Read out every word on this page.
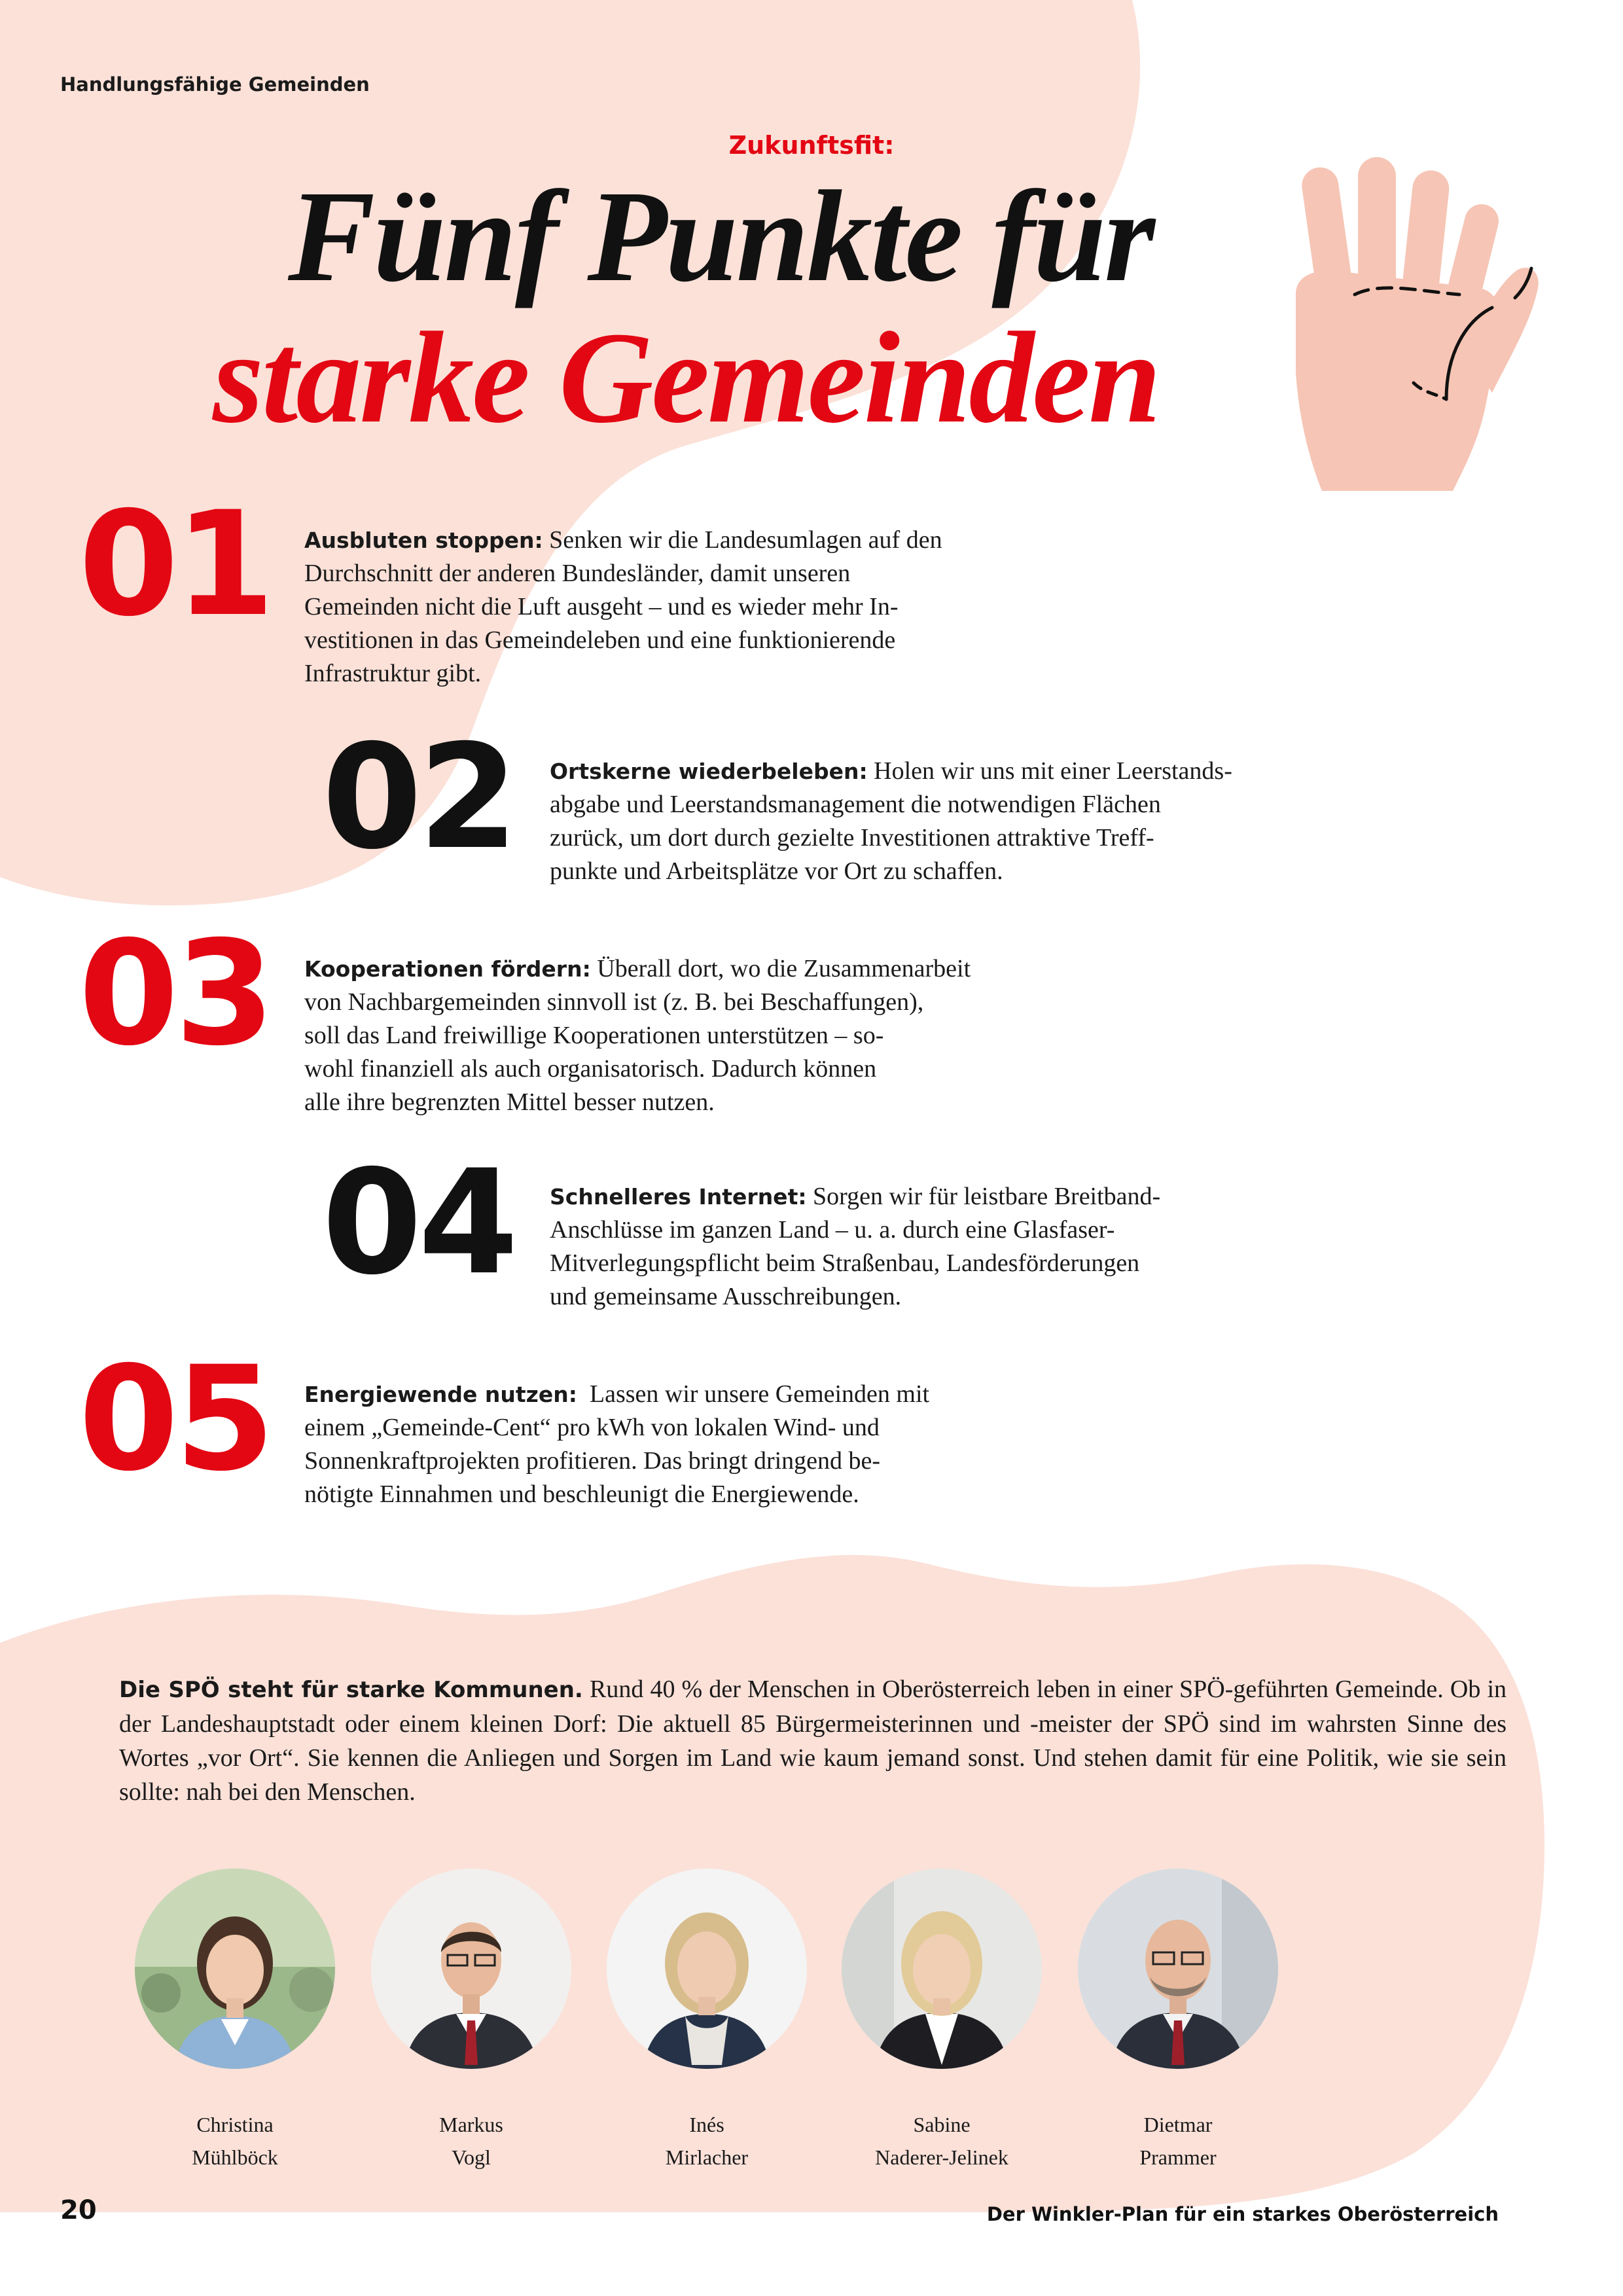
Handlungsfähige Gemeinden
Zukunftsfit:
Fünf Punkte für
starke Gemeinden
01 Ausbluten stoppen: Senken wir die Landesumlagen auf den
Durchschnitt der anderen Bundesländer, damit unseren
Gemeinden nicht die Luft ausgeht – und es wieder mehr In-
vestitionen in das Gemeindeleben und eine funktionierende
Infrastruktur gibt.
02 Ortskerne wiederbeleben: Holen wir uns mit einer Leerstands-
abgabe und Leerstandsmanagement die notwendigen Flächen
zurück, um dort durch gezielte Investitionen attraktive Treff-
punkte und Arbeitsplätze vor Ort zu schaffen.
03 Kooperationen fördern: Überall dort, wo die Zusammenarbeit
von Nachbargemeinden sinnvoll ist (z. B. bei Beschaffungen),
soll das Land freiwillige Kooperationen unterstützen – so-
wohl finanziell als auch organisatorisch. Dadurch können
alle ihre begrenzten Mittel besser nutzen.
04 Schnelleres Internet: Sorgen wir für leistbare Breitband-
Anschlüsse im ganzen Land – u. a. durch eine Glasfaser-
Mitverlegungspflicht beim Straßenbau, Landesförderungen
und gemeinsame Ausschreibungen.
05 Energiewende nutzen: Lassen wir unsere Gemeinden mit
einem „Gemeinde-Cent“ pro kWh von lokalen Wind- und
Sonnenkraftprojekten profitieren. Das bringt dringend be-
nötigte Einnahmen und beschleunigt die Energiewende.
Die SPÖ steht für starke Kommunen. Rund 40 % der Menschen in Oberösterreich leben in einer SPÖ-geführten Gemeinde. Ob in der Landeshauptstadt oder einem kleinen Dorf: Die aktuell 85 Bürgermeisterinnen und -meister der SPÖ sind im wahrsten Sinne des Wortes „vor Ort“. Sie kennen die Anliegen und Sorgen im Land wie kaum jemand sonst. Und stehen damit für eine Politik, wie sie sein sollte: nah bei den Menschen.
Christina
Mühlböck
Markus
Vogl
Inés
Mirlacher
Sabine
Naderer-Jelinek
Dietmar
Prammer
20	Der Winkler-Plan für ein starkes Oberösterreich
